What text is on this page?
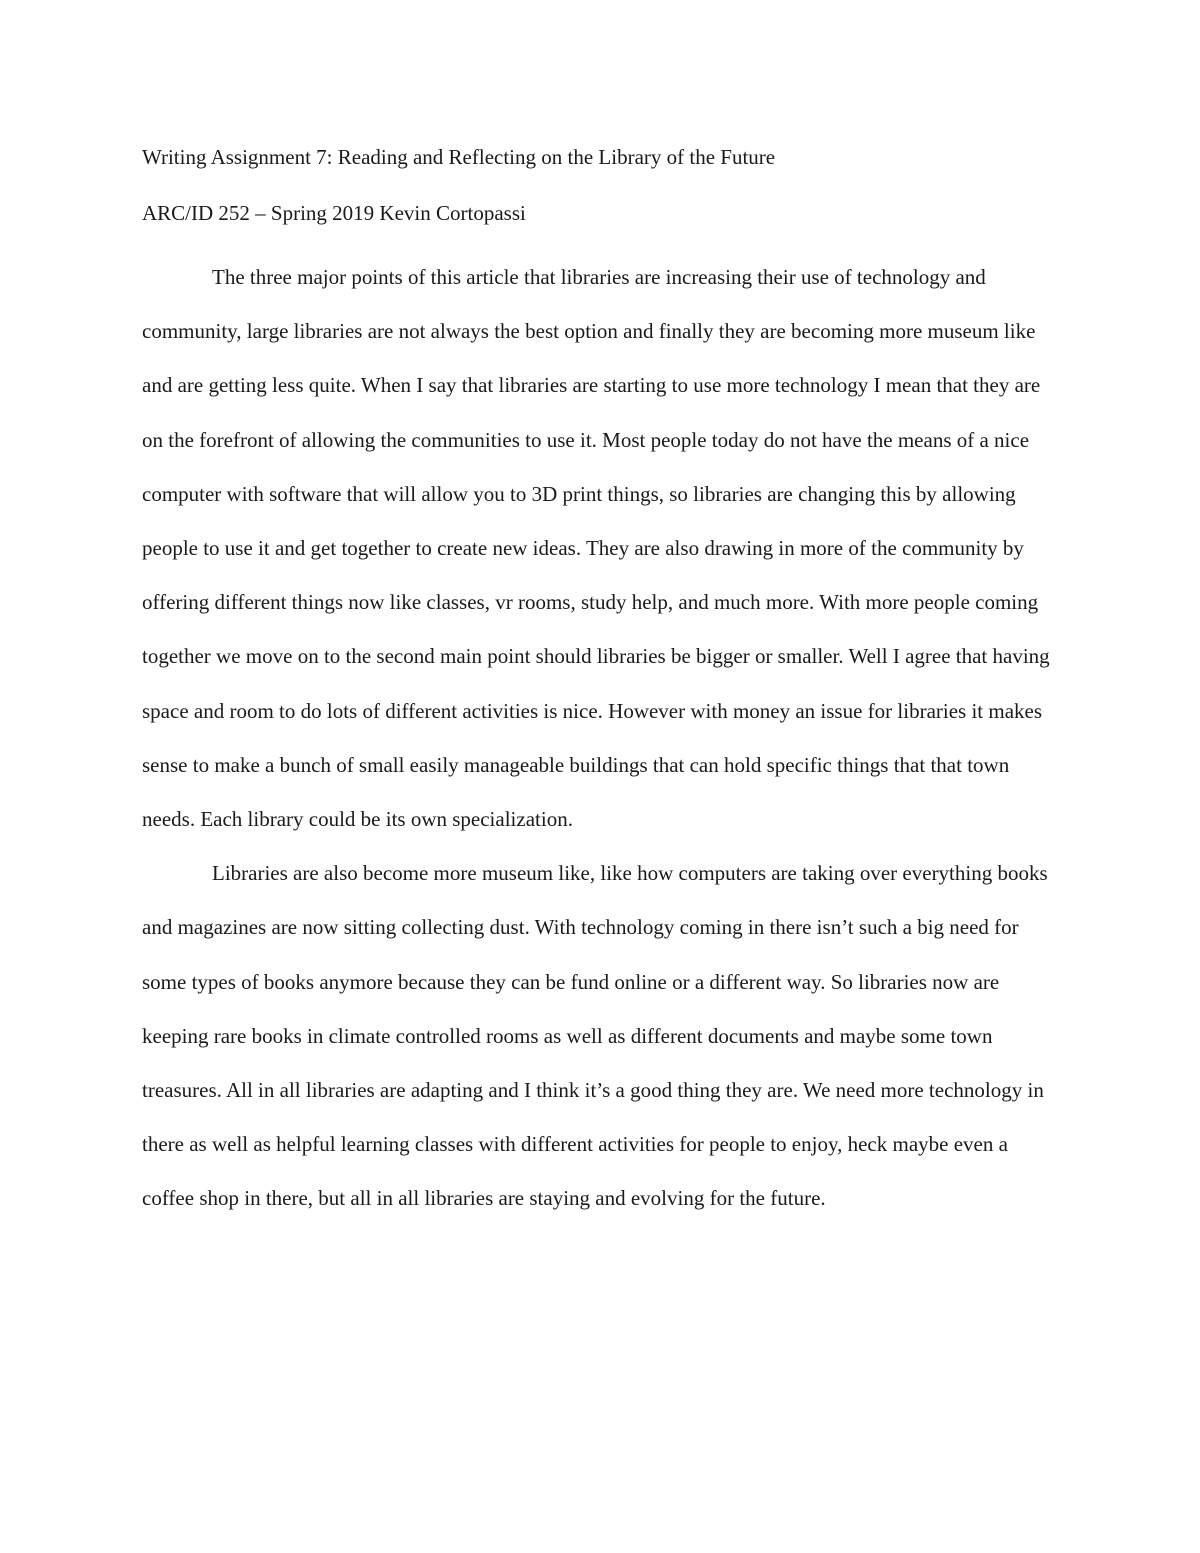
Writing Assignment 7: Reading and Reflecting on the Library of the Future

ARC/ID 252 – Spring 2019 Kevin Cortopassi

The three major points of this article that libraries are increasing their use of technology and community, large libraries are not always the best option and finally they are becoming more museum like and are getting less quite. When I say that libraries are starting to use more technology I mean that they are on the forefront of allowing the communities to use it. Most people today do not have the means of a nice computer with software that will allow you to 3D print things, so libraries are changing this by allowing people to use it and get together to create new ideas. They are also drawing in more of the community by offering different things now like classes, vr rooms, study help, and much more. With more people coming together we move on to the second main point should libraries be bigger or smaller. Well I agree that having space and room to do lots of different activities is nice. However with money an issue for libraries it makes sense to make a bunch of small easily manageable buildings that can hold specific things that that town needs. Each library could be its own specialization.

Libraries are also become more museum like, like how computers are taking over everything books and magazines are now sitting collecting dust. With technology coming in there isn’t such a big need for some types of books anymore because they can be fund online or a different way. So libraries now are keeping rare books in climate controlled rooms as well as different documents and maybe some town treasures. All in all libraries are adapting and I think it’s a good thing they are. We need more technology in there as well as helpful learning classes with different activities for people to enjoy, heck maybe even a coffee shop in there, but all in all libraries are staying and evolving for the future.
